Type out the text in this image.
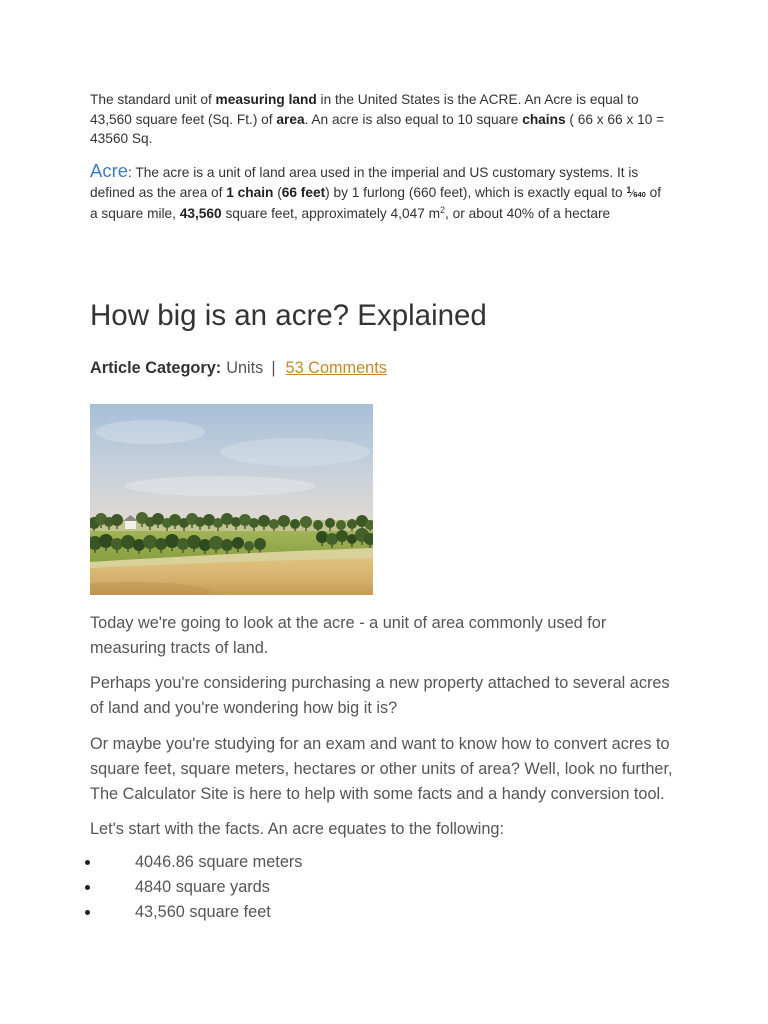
The standard unit of measuring land in the United States is the ACRE. An Acre is equal to
43,560 square feet (Sq. Ft.) of area. An acre is also equal to 10 square chains ( 66 x 66 x 10 =
43560 Sq.
Acre: The acre is a unit of land area used in the imperial and US customary systems. It is
defined as the area of 1 chain (66 feet) by 1 furlong (660 feet), which is exactly equal to $^1$⁄640 of
a square mile, 43,560 square feet, approximately 4,047 $m^2$, or about 40% of a hectare
How big is an acre? Explained
Article Category: Units | 53 Comments

Today we're going to look at the acre - a unit of area commonly used for
measuring tracts of land.

Perhaps you're considering purchasing a new property attached to several acres
of land and you're wondering how big it is?

Or maybe you're studying for an exam and want to know how to convert acres to
square feet, square meters, hectares or other units of area? Well, look no further,
The Calculator Site is here to help with some facts and a handy conversion tool.

Let's start with the facts. An acre equates to the following:

4046.86 square meters
4840 square yards
43,560 square feet
